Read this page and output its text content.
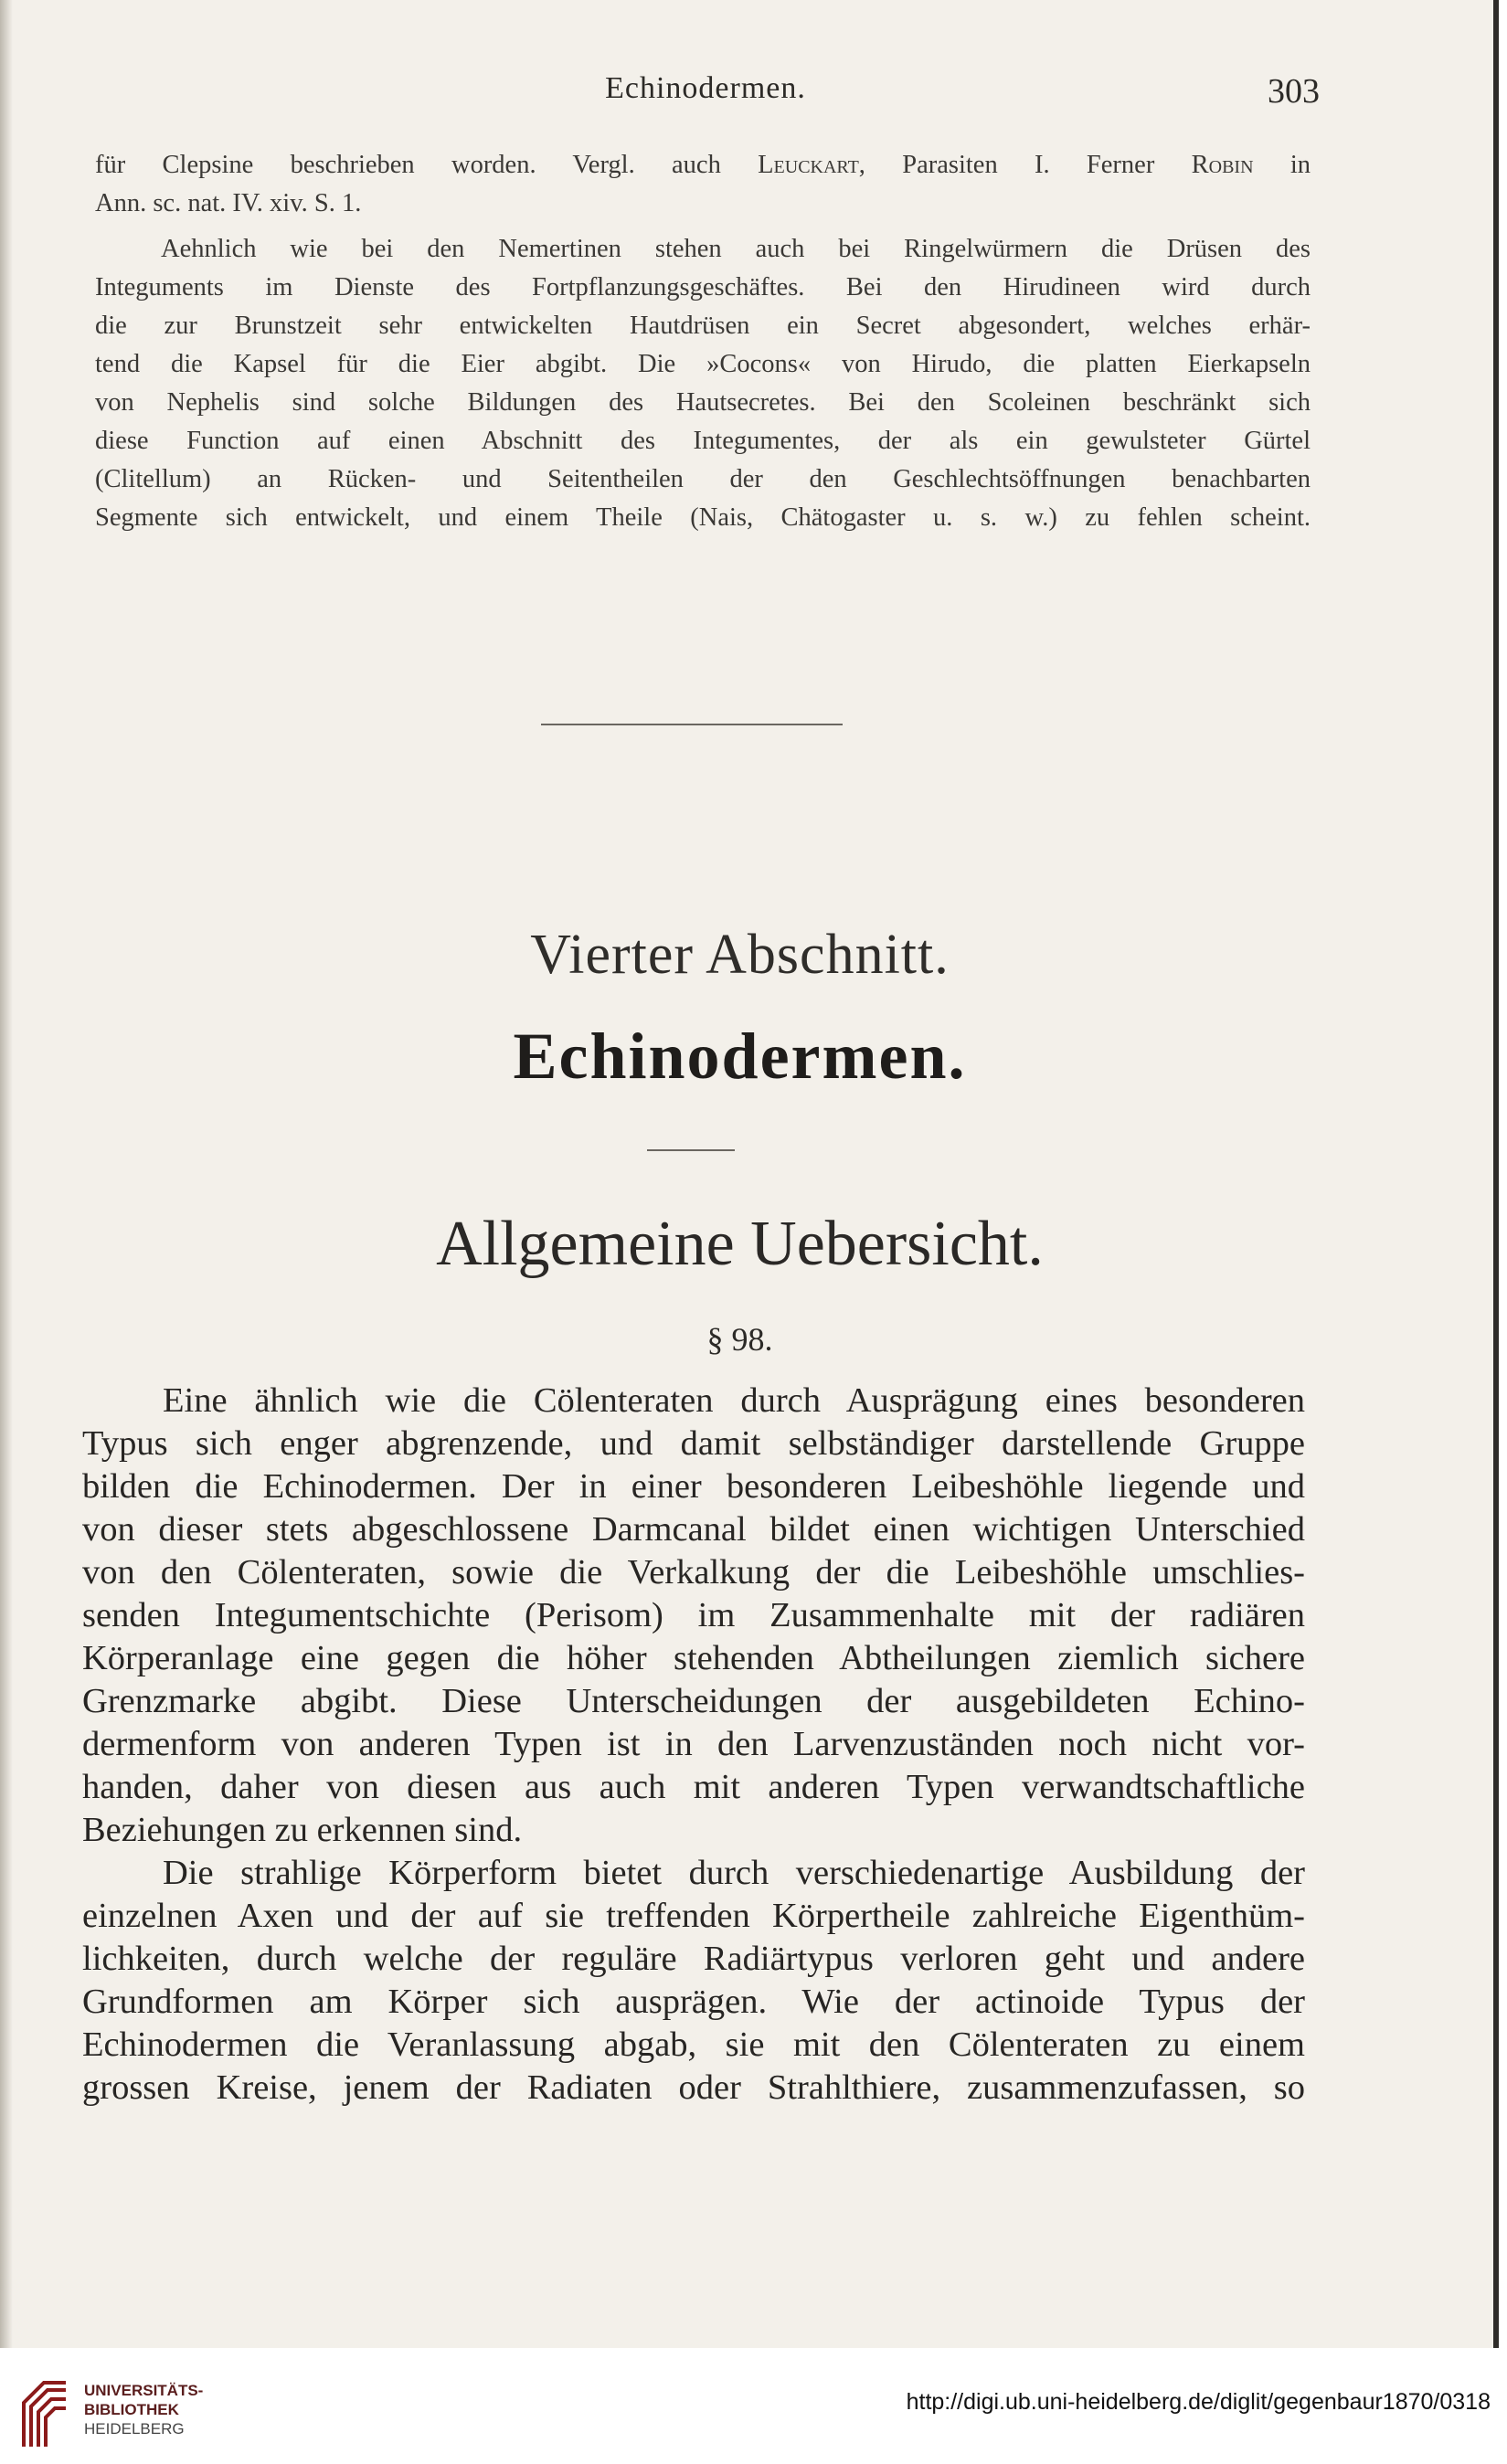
Echinodermen.	303
für Clepsine beschrieben worden. Vergl. auch Leuckart, Parasiten I. Ferner Robin in
Ann. sc. nat. IV. xiv. S. 1.
Aehnlich wie bei den Nemertinen stehen auch bei Ringelwürmern die Drüsen des
Integuments im Dienste des Fortpflanzungsgeschäftes. Bei den Hirudineen wird durch
die zur Brunstzeit sehr entwickelten Hautdrüsen ein Secret abgesondert, welches erhär-
tend die Kapsel für die Eier abgibt. Die »Cocons« von Hirudo, die platten Eierkapseln
von Nephelis sind solche Bildungen des Hautsecretes. Bei den Scoleinen beschränkt sich
diese Function auf einen Abschnitt des Integumentes, der als ein gewulsteter Gürtel
(Clitellum) an Rücken- und Seitentheilen der den Geschlechtsöffnungen benachbarten
Segmente sich entwickelt, und einem Theile (Nais, Chätogaster u. s. w.) zu fehlen scheint.
Vierter Abschnitt.
Echinodermen.
Allgemeine Uebersicht.
§ 98.
Eine ähnlich wie die Cölenteraten durch Ausprägung eines besonderen
Typus sich enger abgrenzende, und damit selbständiger darstellende Gruppe
bilden die Echinodermen. Der in einer besonderen Leibeshöhle liegende und
von dieser stets abgeschlossene Darmcanal bildet einen wichtigen Unterschied
von den Cölenteraten, sowie die Verkalkung der die Leibeshöhle umschlies-
senden Integumentschichte (Perisom) im Zusammenhalte mit der radiären
Körperanlage eine gegen die höher stehenden Abtheilungen ziemlich sichere
Grenzmarke abgibt. Diese Unterscheidungen der ausgebildeten Echino-
dermenform von anderen Typen ist in den Larvenzuständen noch nicht vor-
handen, daher von diesen aus auch mit anderen Typen verwandtschaftliche
Beziehungen zu erkennen sind.
Die strahlige Körperform bietet durch verschiedenartige Ausbildung der
einzelnen Axen und der auf sie treffenden Körpertheile zahlreiche Eigenthüm-
lichkeiten, durch welche der reguläre Radiärtypus verloren geht und andere
Grundformen am Körper sich ausprägen. Wie der actinoide Typus der
Echinodermen die Veranlassung abgab, sie mit den Cölenteraten zu einem
grossen Kreise, jenem der Radiaten oder Strahlthiere, zusammenzufassen, so
UNIVERSITÄTS-
BIBLIOTHEK
HEIDELBERG
http://digi.ub.uni-heidelberg.de/diglit/gegenbaur1870/0318
